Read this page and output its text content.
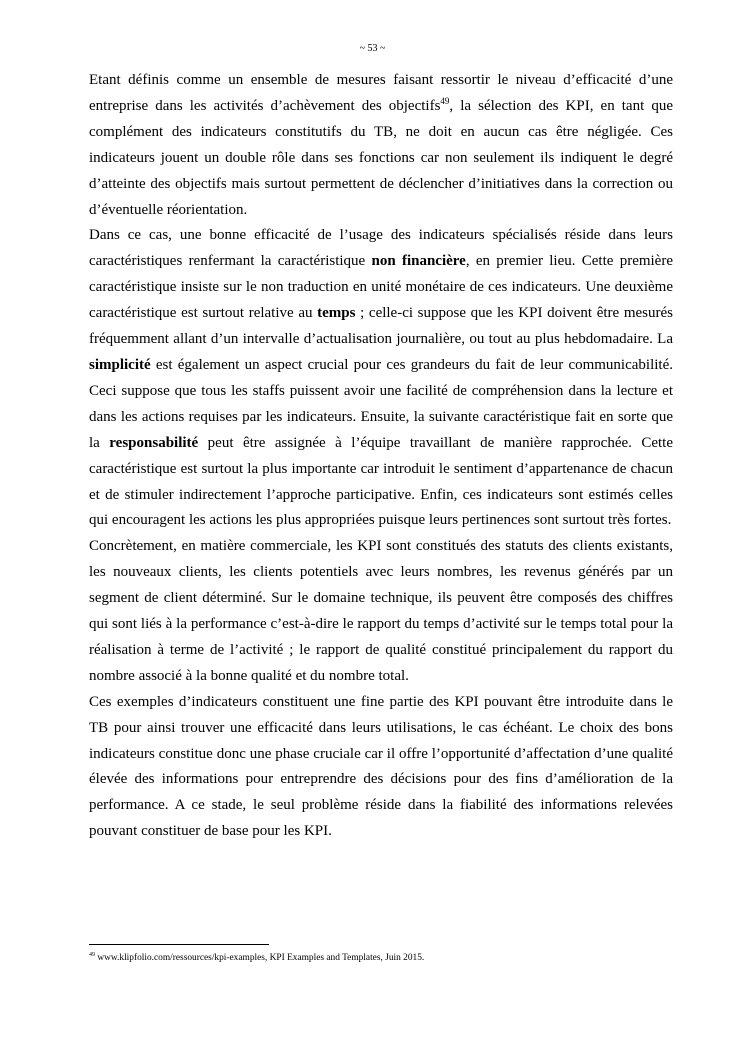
~ 53 ~

Etant définis comme un ensemble de mesures faisant ressortir le niveau d’efficacité d’une entreprise dans les activités d’achèvement des objectifs$^{49}$, la sélection des KPI, en tant que complément des indicateurs constitutifs du TB, ne doit en aucun cas être négligée. Ces indicateurs jouent un double rôle dans ses fonctions car non seulement ils indiquent le degré d’atteinte des objectifs mais surtout permettent de déclencher d’initiatives dans la correction ou d’éventuelle réorientation.

Dans ce cas, une bonne efficacité de l’usage des indicateurs spécialisés réside dans leurs caractéristiques renfermant la caractéristique non financière, en premier lieu. Cette première caractéristique insiste sur le non traduction en unité monétaire de ces indicateurs. Une deuxième caractéristique est surtout relative au temps ; celle-ci suppose que les KPI doivent être mesurés fréquemment allant d’un intervalle d’actualisation journalière, ou tout au plus hebdomadaire. La simplicité est également un aspect crucial pour ces grandeurs du fait de leur communicabilité. Ceci suppose que tous les staffs puissent avoir une facilité de compréhension dans la lecture et dans les actions requises par les indicateurs. Ensuite, la suivante caractéristique fait en sorte que la responsabilité peut être assignée à l’équipe travaillant de manière rapprochée. Cette caractéristique est surtout la plus importante car introduit le sentiment d’appartenance de chacun et de stimuler indirectement l’approche participative. Enfin, ces indicateurs sont estimés celles qui encouragent les actions les plus appropriées puisque leurs pertinences sont surtout très fortes.

Concrètement, en matière commerciale, les KPI sont constitués des statuts des clients existants, les nouveaux clients, les clients potentiels avec leurs nombres, les revenus générés par un segment de client déterminé. Sur le domaine technique, ils peuvent être composés des chiffres qui sont liés à la performance c’est-à-dire le rapport du temps d’activité sur le temps total pour la réalisation à terme de l’activité ; le rapport de qualité constitué principalement du rapport du nombre associé à la bonne qualité et du nombre total.

Ces exemples d’indicateurs constituent une fine partie des KPI pouvant être introduite dans le TB pour ainsi trouver une efficacité dans leurs utilisations, le cas échéant. Le choix des bons indicateurs constitue donc une phase cruciale car il offre l’opportunité d’affectation d’une qualité élevée des informations pour entreprendre des décisions pour des fins d’amélioration de la performance. A ce stade, le seul problème réside dans la fiabilité des informations relevées pouvant constituer de base pour les KPI.

$^{49}$ www.klipfolio.com/ressources/kpi-examples, KPI Examples and Templates, Juin 2015.
